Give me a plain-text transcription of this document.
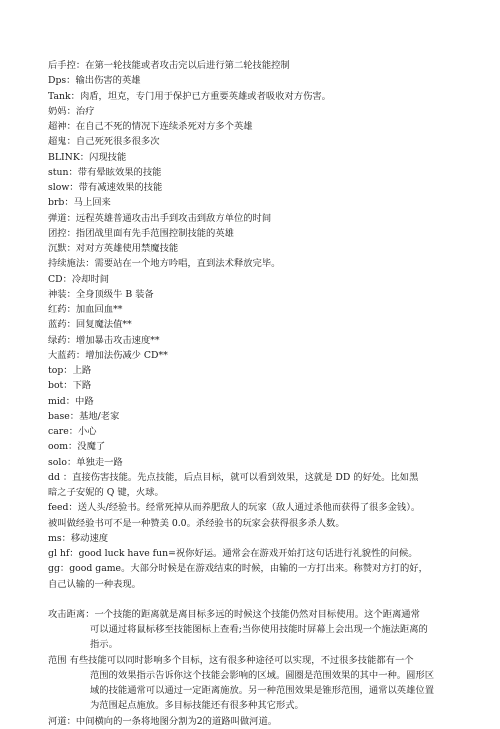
后手控：在第一轮技能或者攻击完以后进行第二轮技能控制
Dps：输出伤害的英雄
Tank：肉盾，坦克，专门用于保护已方重要英雄或者吸收对方伤害。
奶妈：治疗
超神：在自己不死的情况下连续杀死对方多个英雄
超鬼：自己死死很多很多次
BLINK：闪现技能
stun：带有晕眩效果的技能
slow：带有减速效果的技能
brb：马上回来
弹道：远程英雄普通攻击出手到攻击到敌方单位的时间
团控：指团战里面有先手范围控制技能的英雄
沉默：对对方英雄使用禁魔技能
持续施法：需要站在一个地方吟唱，直到法术释放完毕。
CD：冷却时间
神装：全身顶级牛 B 装备
红药：加血回血**
蓝药：回复魔法值**
绿药：增加暴击攻击速度**
大蓝药：增加法伤减少 CD**
top：上路
bot：下路
mid：中路
base：基地/老家
care：小心
oom：没魔了
solo：单独走一路
dd ：直接伤害技能。先点技能，后点目标，就可以看到效果，这就是 DD 的好处。比如黑
暗之子安妮的 Q 键，火球。
feed：送人头/经验书。经常死掉从而养肥敌人的玩家（敌人通过杀他而获得了很多金钱）。
被叫做经验书可不是一种赞美 0.0。杀经验书的玩家会获得很多杀人数。
ms：移动速度
gl hf：good luck have fun=祝你好运。通常会在游戏开始打这句话进行礼貌性的问候。
gg：good game。大部分时候是在游戏结束的时候，由输的一方打出来。称赞对方打的好，
自己认输的一种表现。
攻击距离：一个技能的距离就是离目标多远的时候这个技能仍然对目标使用。这个距离通常
可以通过将鼠标移至技能图标上查看;当你使用技能时屏幕上会出现一个施法距离的
指示。
范围 有些技能可以同时影响多个目标，这有很多种途径可以实现，不过很多技能都有一个
范围的效果指示告诉你这个技能会影响的区域。圆圈是范围效果的其中一种。圆形区
域的技能通常可以通过一定距离施放。另一种范围效果是锥形范围，通常以英雄位置
为范围起点施放。多目标技能还有很多种其它形式。
河道：中间横向的一条将地图分割为2的道路叫做河道。
